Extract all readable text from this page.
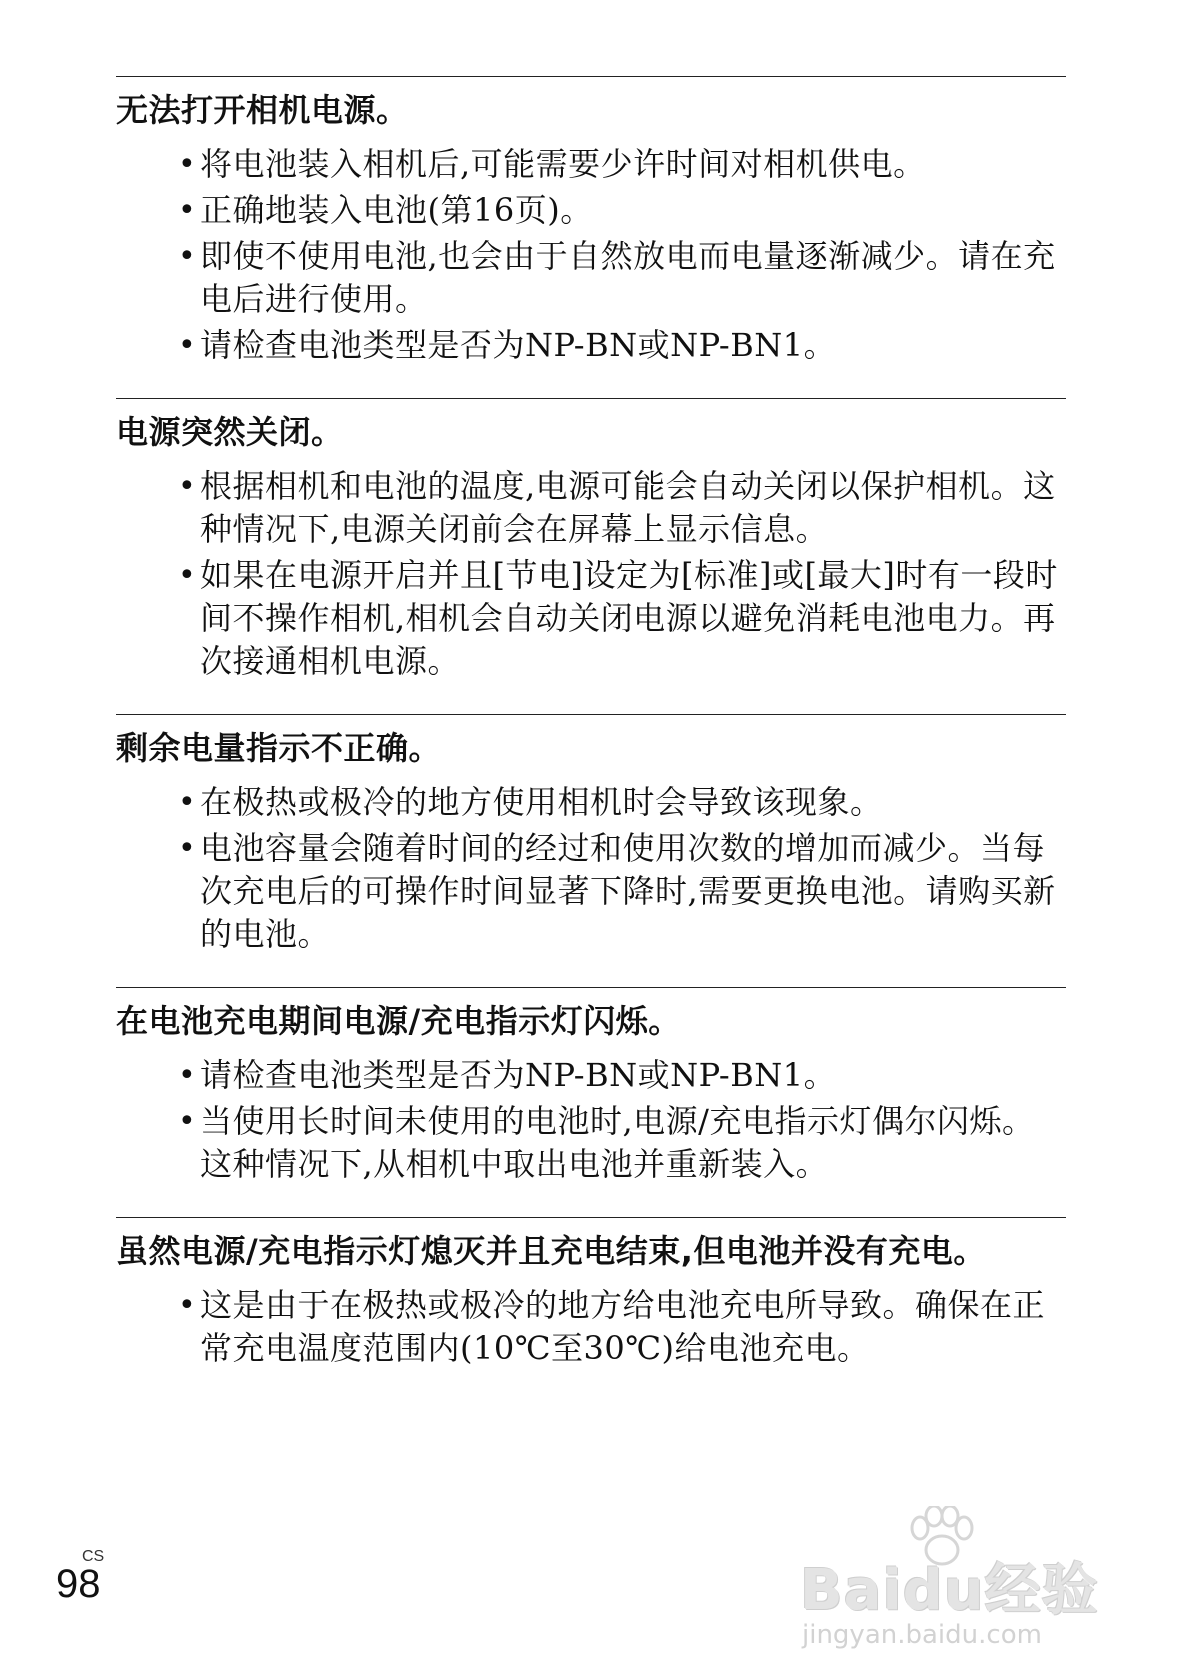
无法打开相机电源。
• 将电池装入相机后,可能需要少许时间对相机供电。
• 正确地装入电池(第16页)。
• 即使不使用电池,也会由于自然放电而电量逐渐减少。请在充电后进行使用。
• 请检查电池类型是否为NP-BN或NP-BN1。
电源突然关闭。
• 根据相机和电池的温度,电源可能会自动关闭以保护相机。这种情况下,电源关闭前会在屏幕上显示信息。
• 如果在电源开启并且[节电]设定为[标准]或[最大]时有一段时间不操作相机,相机会自动关闭电源以避免消耗电池电力。再次接通相机电源。
剩余电量指示不正确。
• 在极热或极冷的地方使用相机时会导致该现象。
• 电池容量会随着时间的经过和使用次数的增加而减少。当每次充电后的可操作时间显著下降时,需要更换电池。请购买新的电池。
在电池充电期间电源/充电指示灯闪烁。
• 请检查电池类型是否为NP-BN或NP-BN1。
• 当使用长时间未使用的电池时,电源/充电指示灯偶尔闪烁。这种情况下,从相机中取出电池并重新装入。
虽然电源/充电指示灯熄灭并且充电结束,但电池并没有充电。
• 这是由于在极热或极冷的地方给电池充电所导致。确保在正常充电温度范围内(10℃至30℃)给电池充电。
CS
98	Baidu经验
jingyan.baidu.com
